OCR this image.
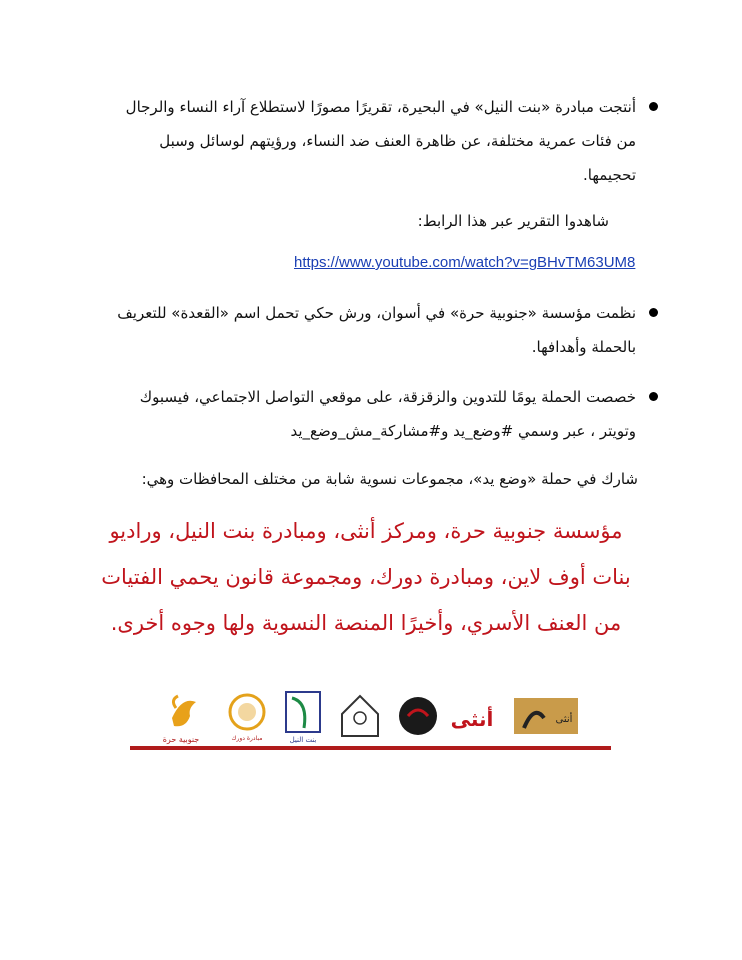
أنتجت مبادرة «بنت النيل» في البحيرة، تقريرًا مصورًا لاستطلاع آراء النساء والرجال من فئات عمرية مختلفة، عن ظاهرة العنف ضد النساء، ورؤيتهم لوسائل وسبل تحجيمها.
شاهدوا التقرير عبر هذا الرابط:
https://www.youtube.com/watch?v=gBHvTM63UM8
نظمت مؤسسة «جنوبية حرة» في أسوان، ورش حكي تحمل اسم «القعدة» للتعريف بالحملة وأهدافها.
خصصت الحملة يومًا للتدوين والزقزقة، على موقعي التواصل الاجتماعي، فيسبوك وتويتر ، عبر وسمي #وضع_يد و#مشاركة_مش_وضع_يد
شارك في حملة «وضع يد»، مجموعات نسوية شابة من مختلف المحافظات وهي:
مؤسسة جنوبية حرة، ومركز أنثى، ومبادرة بنت النيل، وراديو بنات أوف لاين، ومبادرة دورك، ومجموعة قانون يحمي الفتيات من العنف الأسري، وأخيرًا المنصة النسوية ولها وجوه أخرى.
جنوبية حرة	مبادرة دورك	بنت النيل
أنثى	أنثى
